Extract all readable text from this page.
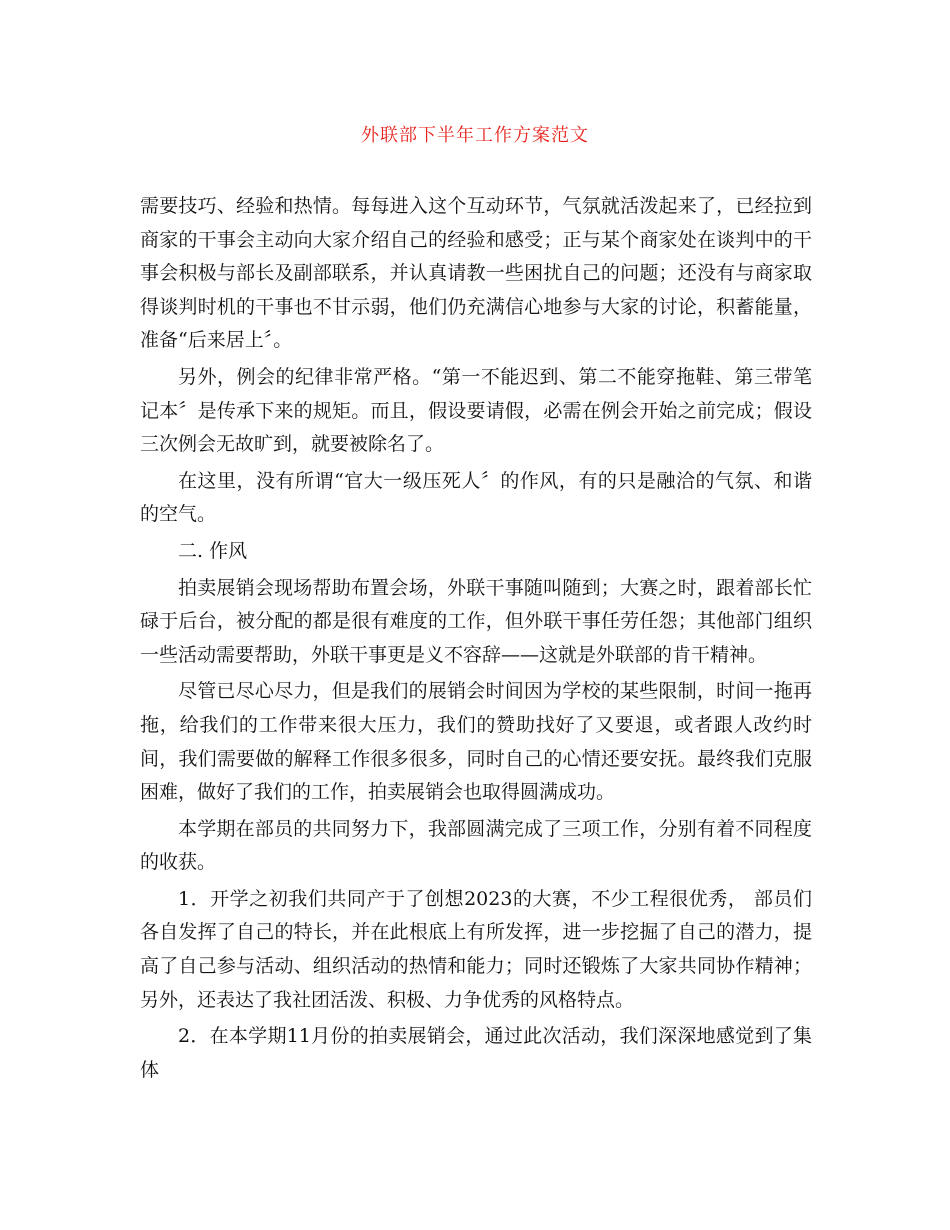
外联部下半年工作方案范文

需要技巧、经验和热情。每每进入这个互动环节，气氛就活泼起来了，已经拉到商家的干事会主动向大家介绍自己的经验和感受；正与某个商家处在谈判中的干事会积极与部长及副部联系，并认真请教一些困扰自己的问题；还没有与商家取得谈判时机的干事也不甘示弱，他们仍充满信心地参与大家的讨论，积蓄能量，准备“后来居上〞。

另外，例会的纪律非常严格。“第一不能迟到、第二不能穿拖鞋、第三带笔记本〞是传承下来的规矩。而且，假设要请假，必需在例会开始之前完成；假设三次例会无故旷到，就要被除名了。

在这里，没有所谓“官大一级压死人〞的作风，有的只是融洽的气氛、和谐的空气。

二. 作风

拍卖展销会现场帮助布置会场，外联干事随叫随到；大赛之时，跟着部长忙碌于后台，被分配的都是很有难度的工作，但外联干事任劳任怨；其他部门组织一些活动需要帮助，外联干事更是义不容辞——这就是外联部的肯干精神。

尽管已尽心尽力，但是我们的展销会时间因为学校的某些限制，时间一拖再拖，给我们的工作带来很大压力，我们的赞助找好了又要退，或者跟人改约时间，我们需要做的解释工作很多很多，同时自己的心情还要安抚。最终我们克服困难，做好了我们的工作，拍卖展销会也取得圆满成功。

本学期在部员的共同努力下，我部圆满完成了三项工作，分别有着不同程度的收获。

1．开学之初我们共同产于了创想2023的大赛，不少工程很优秀， 部员们各自发挥了自己的特长，并在此根底上有所发挥，进一步挖掘了自己的潜力，提高了自己参与活动、组织活动的热情和能力；同时还锻炼了大家共同协作精神；另外，还表达了我社团活泼、积极、力争优秀的风格特点。

2．在本学期11月份的拍卖展销会，通过此次活动，我们深深地感觉到了集体
